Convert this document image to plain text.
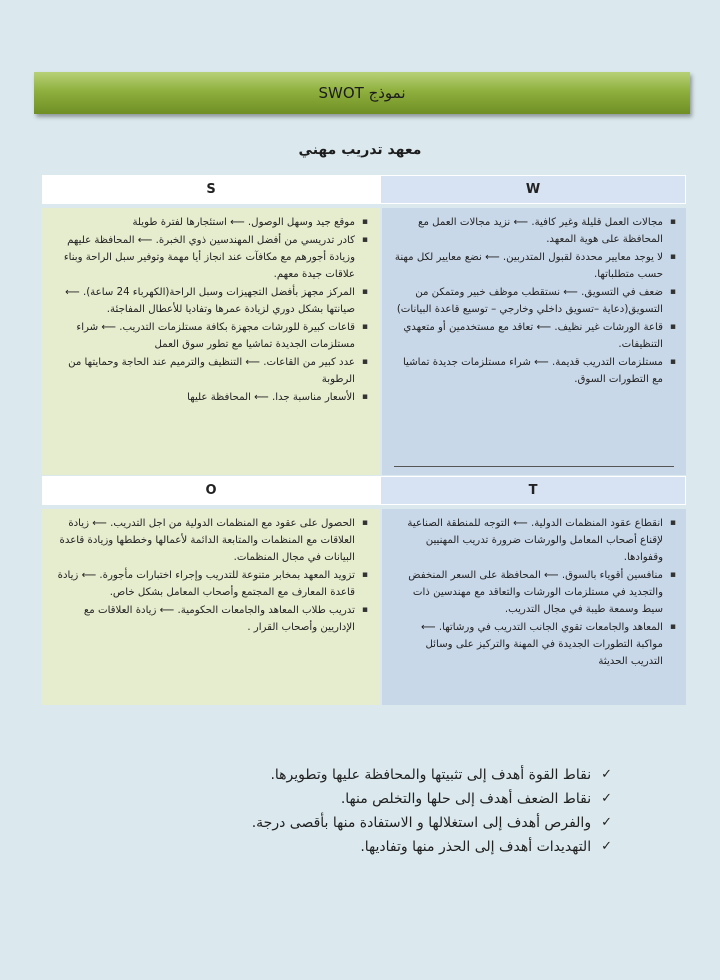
نموذج SWOT
معهد تدريب مهني
S	W
▪ موقع جيد وسهل الوصول. ⟵ استئجارها لفترة طويلة
▪ كادر تدريسي من أفضل المهندسين ذوي الخبرة. ⟵ المحافظة عليهم وزيادة أجورهم مع مكافآت عند انجاز أيا مهمة وتوفير سبل الراحة وبناء علاقات جيدة معهم.
▪ المركز مجهز بأفضل التجهيزات وسبل الراحة(الكهرباء 24 ساعة). ⟵ صيانتها بشكل دوري لزيادة عمرها وتفاديا للأعطال المفاجئة.
▪ قاعات كبيرة للورشات مجهزة بكافة مستلزمات التدريب. ⟵ شراء مستلزمات الجديدة تماشيا مع تطور سوق العمل
▪ عدد كبير من القاعات. ⟵ التنظيف والترميم عند الحاجة وحمايتها من الرطوبة
▪ الأسعار مناسبة جدا. ⟵ المحافظة عليها
▪ مجالات العمل قليلة وغير كافية. ⟵ نزيد مجالات العمل مع المحافظة على هوية المعهد.
▪ لا يوجد معايير محددة لقبول المتدربين. ⟵ نضع معايير لكل مهنة حسب متطلباتها.
▪ ضعف في التسويق. ⟵ نستقطب موظف خبير ومتمكن من التسويق(دعاية –تسويق داخلي وخارجي – توسيع قاعدة البيانات)
▪ قاعة الورشات غير نظيف. ⟵ تعاقد مع مستخدمين أو متعهدي التنظيفات.
▪ مستلزمات التدريب قديمة. ⟵ شراء مستلزمات جديدة تماشيا مع التطورات السوق.
O	T
▪ الحصول على عقود مع المنظمات الدولية من اجل التدريب. ⟵ زيادة العلاقات مع المنظمات والمتابعة الدائمة لأعمالها وخططها وزيادة قاعدة البيانات في مجال المنظمات.
▪ تزويد المعهد بمخابر متنوعة للتدريب وإجراء اختبارات مأجورة. ⟵ زيادة قاعدة المعارف مع المجتمع وأصحاب المعامل بشكل خاص.
▪ تدريب طلاب المعاهد والجامعات الحكومية. ⟵ زيادة العلاقات مع الإداريين وأصحاب القرار .
▪ انقطاع عقود المنظمات الدولية. ⟵ التوجه للمنطقة الصناعية لإقناع أصحاب المعامل والورشات ضرورة تدريب المهنيين وقفوادها.
▪ منافسين أقوياء بالسوق. ⟵ المحافظة على السعر المنخفض والتجديد في مستلزمات الورشات والتعاقد مع مهندسين ذات سيط وسمعة طيبة في مجال التدريب.
▪ المعاهد والجامعات تقوي الجانب التدريب في ورشاتها. ⟵ مواكبة التطورات الجديدة في المهنة والتركيز على وسائل التدريب الحديثة
✓
نقاط القوة أهدف إلى تثبيتها والمحافظة عليها وتطويرها.
✓
نقاط الضعف أهدف إلى حلها والتخلص منها.
✓
والفرص أهدف إلى استغلالها و الاستفادة منها بأقصى درجة.
✓
التهديدات أهدف إلى الحذر منها وتفاديها.
